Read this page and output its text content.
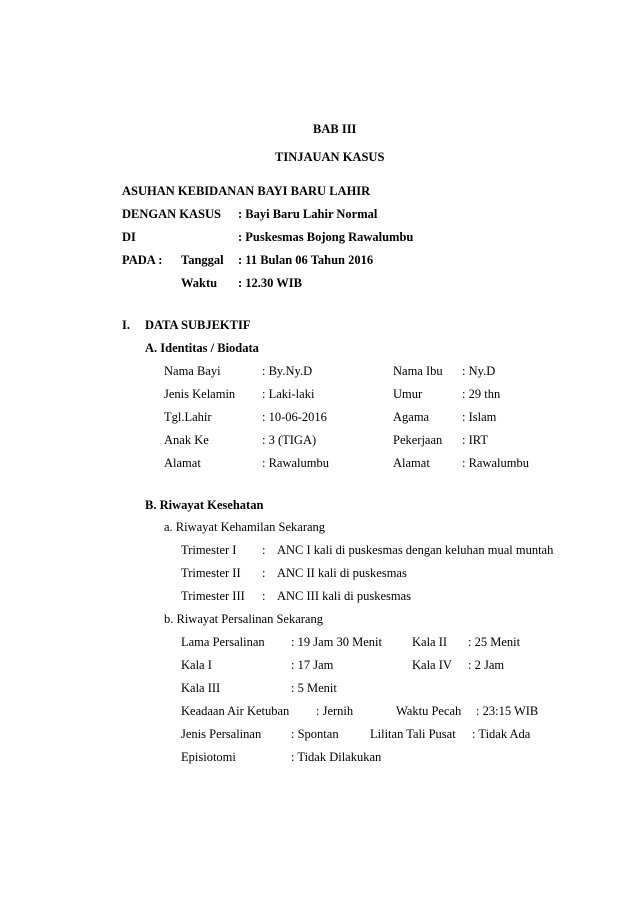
BAB III
TINJAUAN KASUS
ASUHAN KEBIDANAN BAYI BARU LAHIR
DENGAN KASUS : Bayi Baru Lahir Normal
DI	: Puskesmas Bojong Rawalumbu
PADA : Tanggal : 11 Bulan 06 Tahun 2016
Waktu : 12.30 WIB
I. DATA SUBJEKTIF
A. Identitas / Biodata
Nama Bayi	: By.Ny.D	Nama Ibu : Ny.D
Jenis Kelamin : Laki-laki	Umur	: 29 thn
Tgl.Lahir	: 10-06-2016	Agama	: Islam
Anak Ke	: 3 (TIGA)	Pekerjaan : IRT
Alamat	: Rawalumbu	Alamat	: Rawalumbu
B. Riwayat Kesehatan
a. Riwayat Kehamilan Sekarang
Trimester I : ANC I kali di puskesmas dengan keluhan mual muntah
Trimester II : ANC II kali di puskesmas
Trimester III : ANC III kali di puskesmas
b. Riwayat Persalinan Sekarang
Lama Persalinan : 19 Jam 30 Menit Kala II : 25 Menit
Kala I	: 17 Jam	Kala IV : 2 Jam
Kala III	: 5 Menit
Keadaan Air Ketuban : Jernih	Waktu Pecah : 23:15 WIB
Jenis Persalinan : Spontan	Lilitan Tali Pusat : Tidak Ada
Episiotomi	: Tidak Dilakukan
